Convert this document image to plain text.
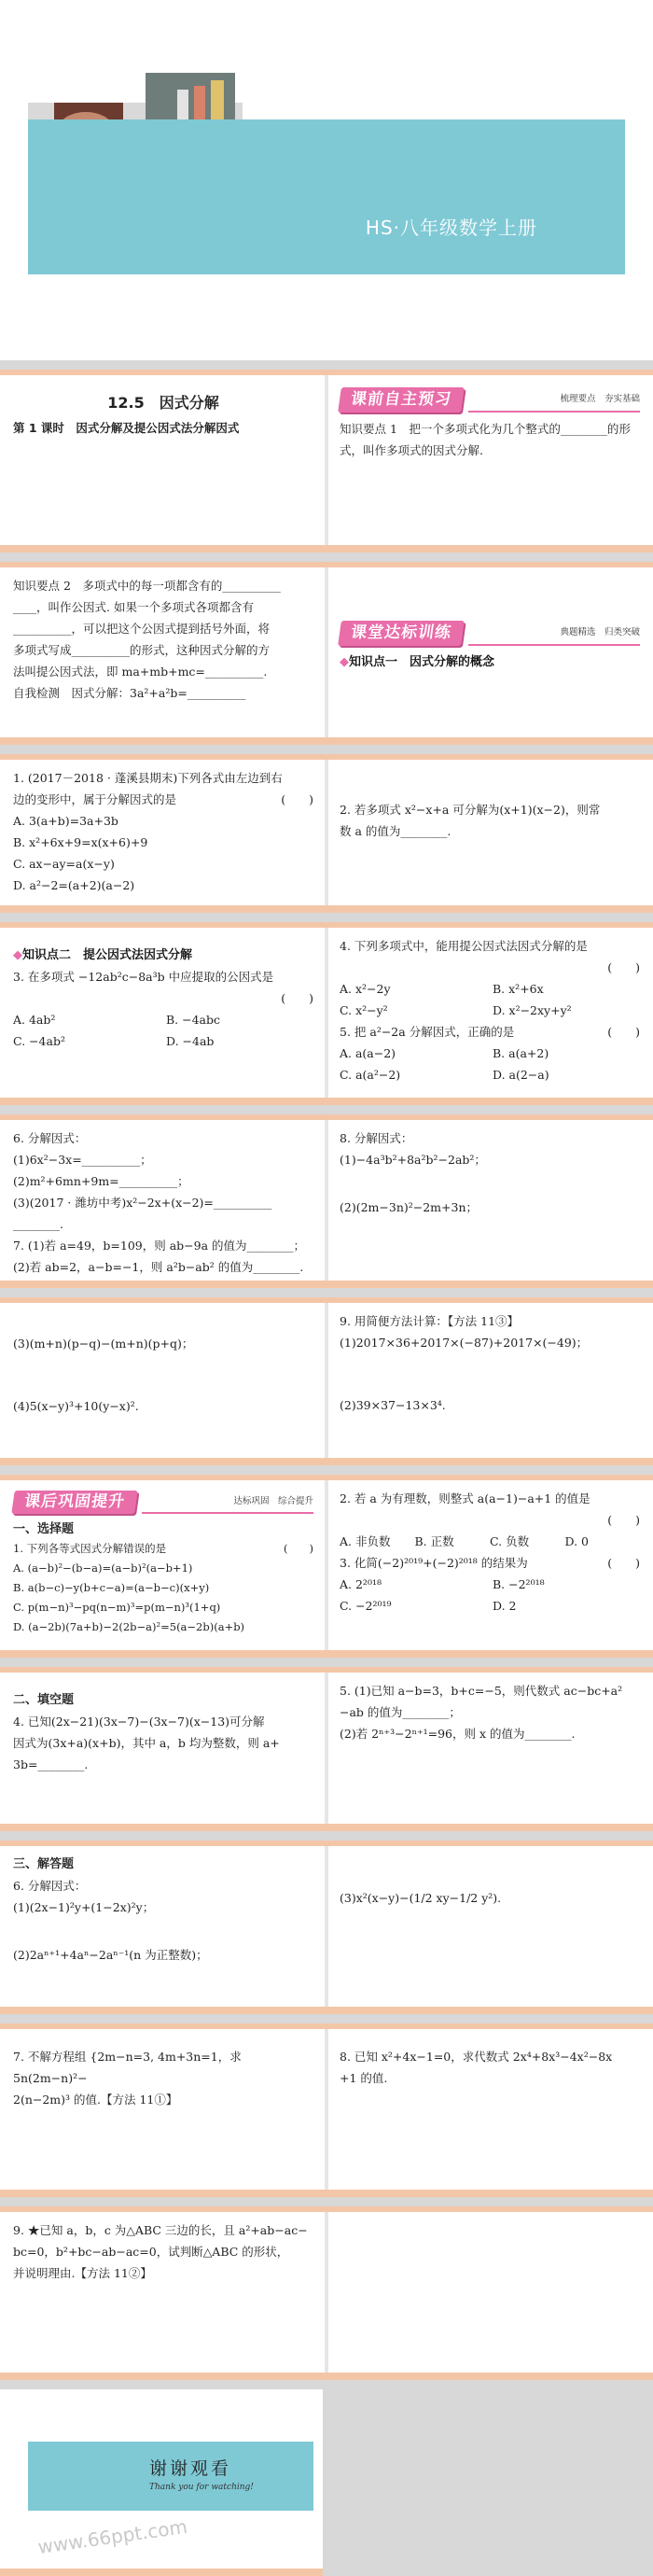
HS·八年级数学上册
12.5　因式分解
第 1 课时　因式分解及提公因式法分解因式
课前自主预习	梳理要点　夯实基础
知识要点 1　把一个多项式化为几个整式的________的形式，叫作多项式的因式分解.
知识要点 2　多项式中的每一项都含有的__________
____，叫作公因式. 如果一个多项式各项都含有
__________，可以把这个公因式提到括号外面，将
多项式写成__________的形式，这种因式分解的方
法叫提公因式法，即 ma+mb+mc=__________.
自我检测　因式分解：3a²+a²b=__________
课堂达标训练	典题精选　归类突破
◆知识点一　因式分解的概念
1. (2017－2018 · 蓬溪县期末)下列各式由左边到右
边的变形中，属于分解因式的是	(　　)
A. 3(a+b)=3a+3b
B. x²+6x+9=x(x+6)+9
C. ax−ay=a(x−y)
D. a²−2=(a+2)(a−2)
2. 若多项式 x²−x+a 可分解为(x+1)(x−2)，则常
数 a 的值为________.
◆知识点二　提公因式法因式分解
3. 在多项式 −12ab²c−8a³b 中应提取的公因式是
(　　)
A. 4ab²	B. −4abc
C. −4ab²	D. −4ab
4. 下列多项式中，能用提公因式法因式分解的是
(　　)
A. x²−2y	B. x²+6x
C. x²−y²	D. x²−2xy+y²
5. 把 a²−2a 分解因式，正确的是	(　　)
A. a(a−2)	B. a(a+2)
C. a(a²−2)	D. a(2−a)
6. 分解因式：
(1)6x²−3x=__________；
(2)m²+6mn+9m=__________；
(3)(2017 · 潍坊中考)x²−2x+(x−2)=__________
________.
7. (1)若 a=49，b=109，则 ab−9a 的值为________；
(2)若 ab=2，a−b=−1，则 a²b−ab² 的值为________.
8. 分解因式：
(1)−4a³b²+8a²b²−2ab²；
(2)(2m−3n)²−2m+3n；
(3)(m+n)(p−q)−(m+n)(p+q)；
(4)5(x−y)³+10(y−x)².
9. 用简便方法计算：【方法 11③】
(1)2017×36+2017×(−87)+2017×(−49)；
(2)39×37−13×3⁴.
课后巩固提升	达标巩固　综合提升
一、选择题
1. 下列各等式因式分解错误的是	(　　)
A. (a−b)²−(b−a)=(a−b)²(a−b+1)
B. a(b−c)−y(b+c−a)=(a−b−c)(x+y)
C. p(m−n)³−pq(n−m)³=p(m−n)³(1+q)
D. (a−2b)(7a+b)−2(2b−a)²=5(a−2b)(a+b)
2. 若 a 为有理数，则整式 a(a−1)−a+1 的值是
(　　)
A. 非负数	B. 正数	C. 负数	D. 0
3. 化简(−2)²⁰¹⁹+(−2)²⁰¹⁸ 的结果为	(　　)
A. 2²⁰¹⁸	B. −2²⁰¹⁸
C. −2²⁰¹⁹	D. 2
二、填空题
4. 已知(2x−21)(3x−7)−(3x−7)(x−13)可分解
因式为(3x+a)(x+b)，其中 a，b 均为整数，则 a+
3b=________.
5. (1)已知 a−b=3，b+c=−5，则代数式 ac−bc+a²
−ab 的值为________；
(2)若 2ⁿ⁺³−2ⁿ⁺¹=96，则 x 的值为________.
三、解答题
6. 分解因式：
(1)(2x−1)²y+(1−2x)²y；
(2)2aⁿ⁺¹+4aⁿ−2aⁿ⁻¹(n 为正整数)；
(3)x²(x−y)−(1/2 xy−1/2 y²).
7. 不解方程组 {2m−n=3, 4m+3n=1，求 5n(2m−n)²−
2(n−2m)³ 的值.【方法 11①】
8. 已知 x²+4x−1=0，求代数式 2x⁴+8x³−4x²−8x
+1 的值.
9. ★已知 a，b，c 为△ABC 三边的长，且 a²+ab−ac−
bc=0，b²+bc−ab−ac=0，试判断△ABC 的形状，
并说明理由.【方法 11②】
谢谢观看
Thank you for watching!
www.66ppt.com
